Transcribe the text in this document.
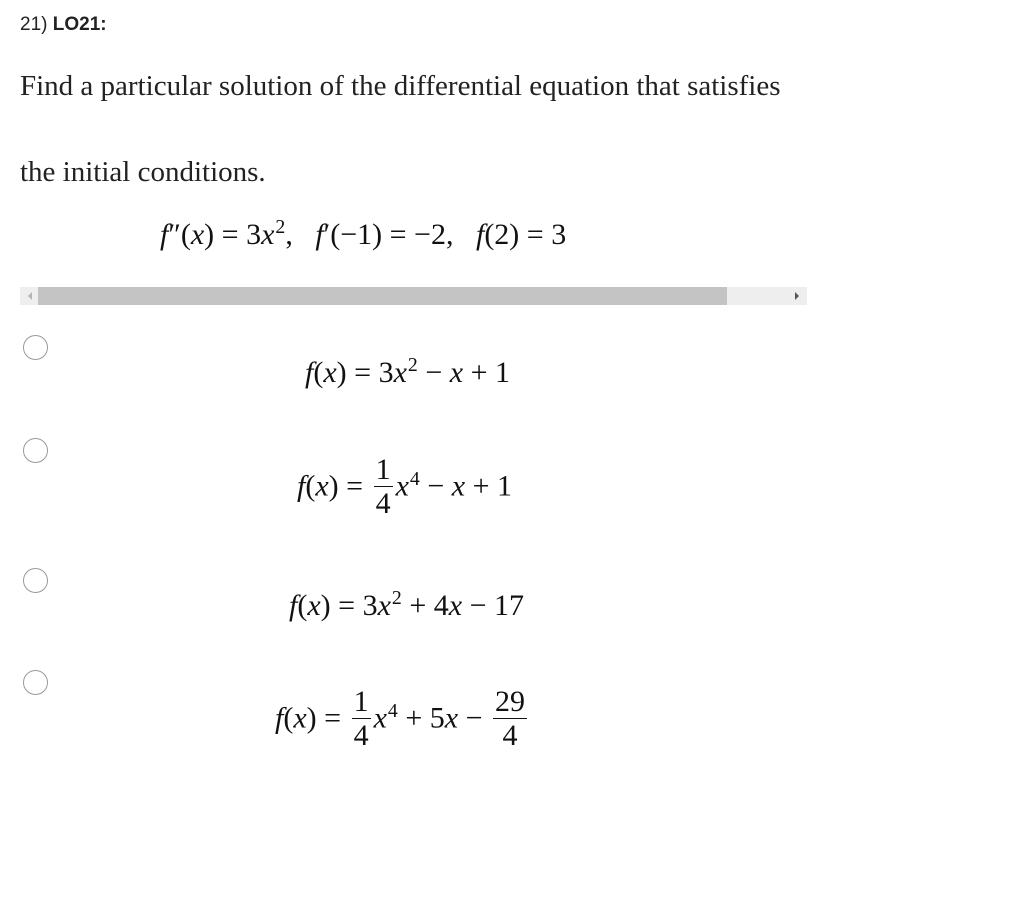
21) LO21:
Find a particular solution of the differential equation that satisfies
the initial conditions.
$f''(x) = 3x^2$,   f′(−1) = −2,   f(2) = 3
$f(x) = 3x^2 - x + 1$
$f(x) = \frac{1}{4} x^4 - x + 1$
$f(x) = 3x^2 + 4x - 17$
$f(x) = \frac{1}{4} x^4 + 5x - \frac{29}{4}$
